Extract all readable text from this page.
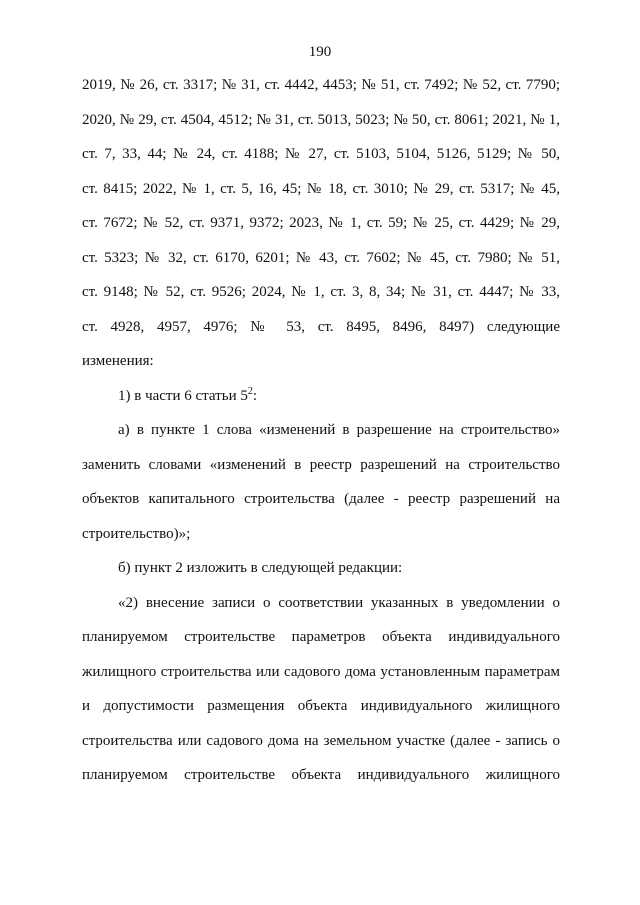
190
2019, № 26, ст. 3317; № 31, ст. 4442, 4453; № 51, ст. 7492; № 52, ст. 7790;
2020, № 29, ст. 4504, 4512; № 31, ст. 5013, 5023; № 50, ст. 8061; 2021, № 1,
ст. 7, 33, 44; № 24, ст. 4188; № 27, ст. 5103, 5104, 5126, 5129; № 50,
ст. 8415; 2022, № 1, ст. 5, 16, 45; № 18, ст. 3010; № 29, ст. 5317; № 45,
ст. 7672; № 52, ст. 9371, 9372; 2023, № 1, ст. 59; № 25, ст. 4429; № 29,
ст. 5323; № 32, ст. 6170, 6201; № 43, ст. 7602; № 45, ст. 7980; № 51,
ст. 9148; № 52, ст. 9526; 2024, № 1, ст. 3, 8, 34; № 31, ст. 4447; № 33,
ст. 4928, 4957, 4976; № 53, ст. 8495, 8496, 8497) следующие
изменения:
1) в части 6 статьи $5^2$:
а) в пункте 1 слова «изменений в разрешение на строительство»
заменить словами «изменений в реестр разрешений на строительство
объектов капитального строительства (далее - реестр разрешений на
строительство)»;
б) пункт 2 изложить в следующей редакции:
«2) внесение записи о соответствии указанных в уведомлении о
планируемом строительстве параметров объекта индивидуального
жилищного строительства или садового дома установленным параметрам
и допустимости размещения объекта индивидуального жилищного
строительства или садового дома на земельном участке (далее - запись о
планируемом строительстве объекта индивидуального жилищного
